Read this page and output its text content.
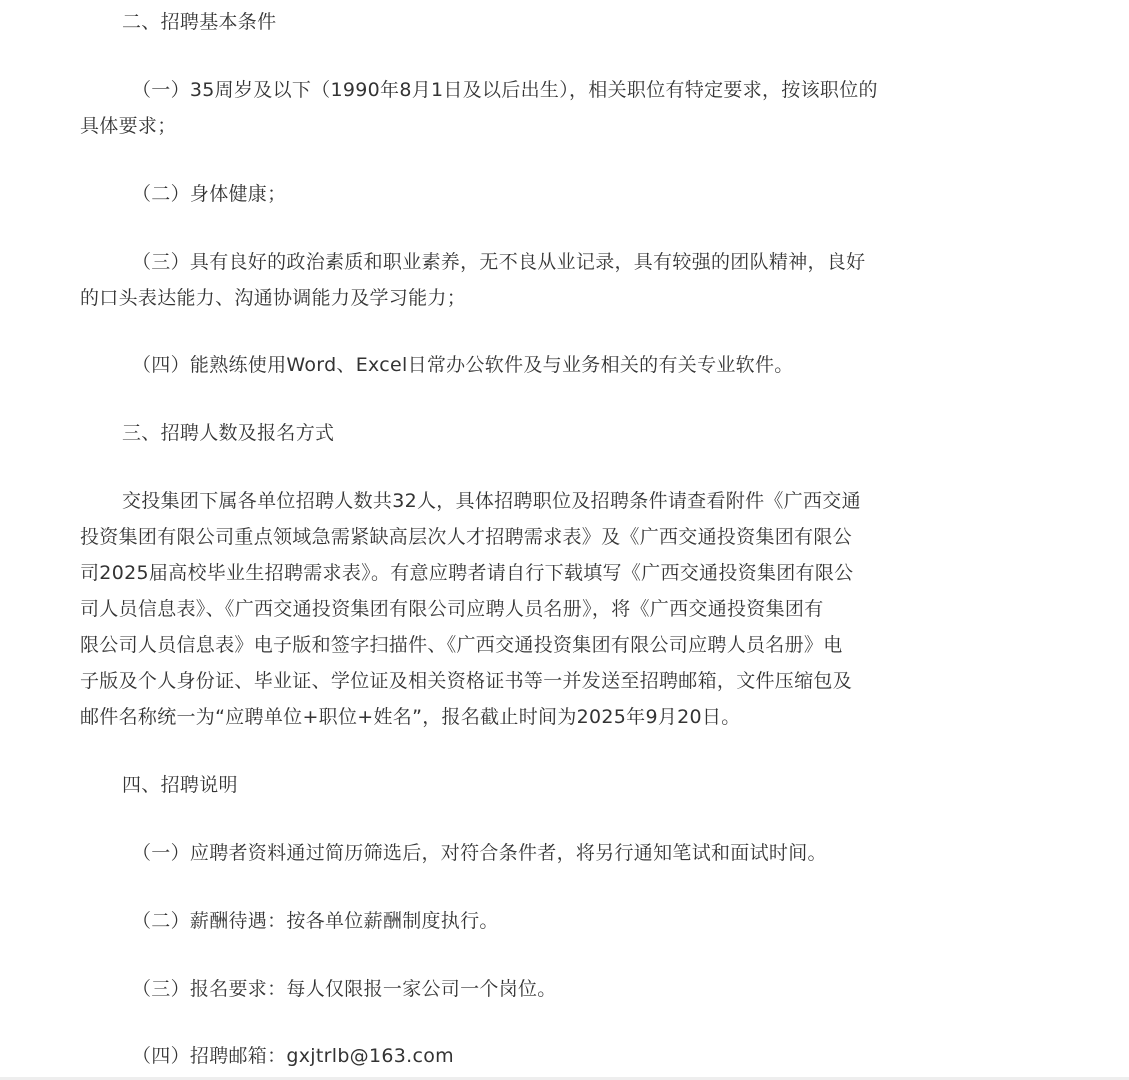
二、招聘基本条件
（一）35周岁及以下（1990年8月1日及以后出生），相关职位有特定要求，按该职位的
具体要求；
（二）身体健康；
（三）具有良好的政治素质和职业素养，无不良从业记录，具有较强的团队精神，良好
的口头表达能力、沟通协调能力及学习能力；
（四）能熟练使用Word、Excel日常办公软件及与业务相关的有关专业软件。
三、招聘人数及报名方式
交投集团下属各单位招聘人数共32人，具体招聘职位及招聘条件请查看附件《广西交通
投资集团有限公司重点领域急需紧缺高层次人才招聘需求表》及《广西交通投资集团有限公
司2025届高校毕业生招聘需求表》。有意应聘者请自行下载填写《广西交通投资集团有限公
司人员信息表》、《广西交通投资集团有限公司应聘人员名册》，将《广西交通投资集团有
限公司人员信息表》电子版和签字扫描件、《广西交通投资集团有限公司应聘人员名册》电
子版及个人身份证、毕业证、学位证及相关资格证书等一并发送至招聘邮箱，文件压缩包及
邮件名称统一为“应聘单位+职位+姓名”，报名截止时间为2025年9月20日。
四、招聘说明
（一）应聘者资料通过简历筛选后，对符合条件者，将另行通知笔试和面试时间。
（二）薪酬待遇：按各单位薪酬制度执行。
（三）报名要求：每人仅限报一家公司一个岗位。
（四）招聘邮箱：gxjtrlb@163.com
